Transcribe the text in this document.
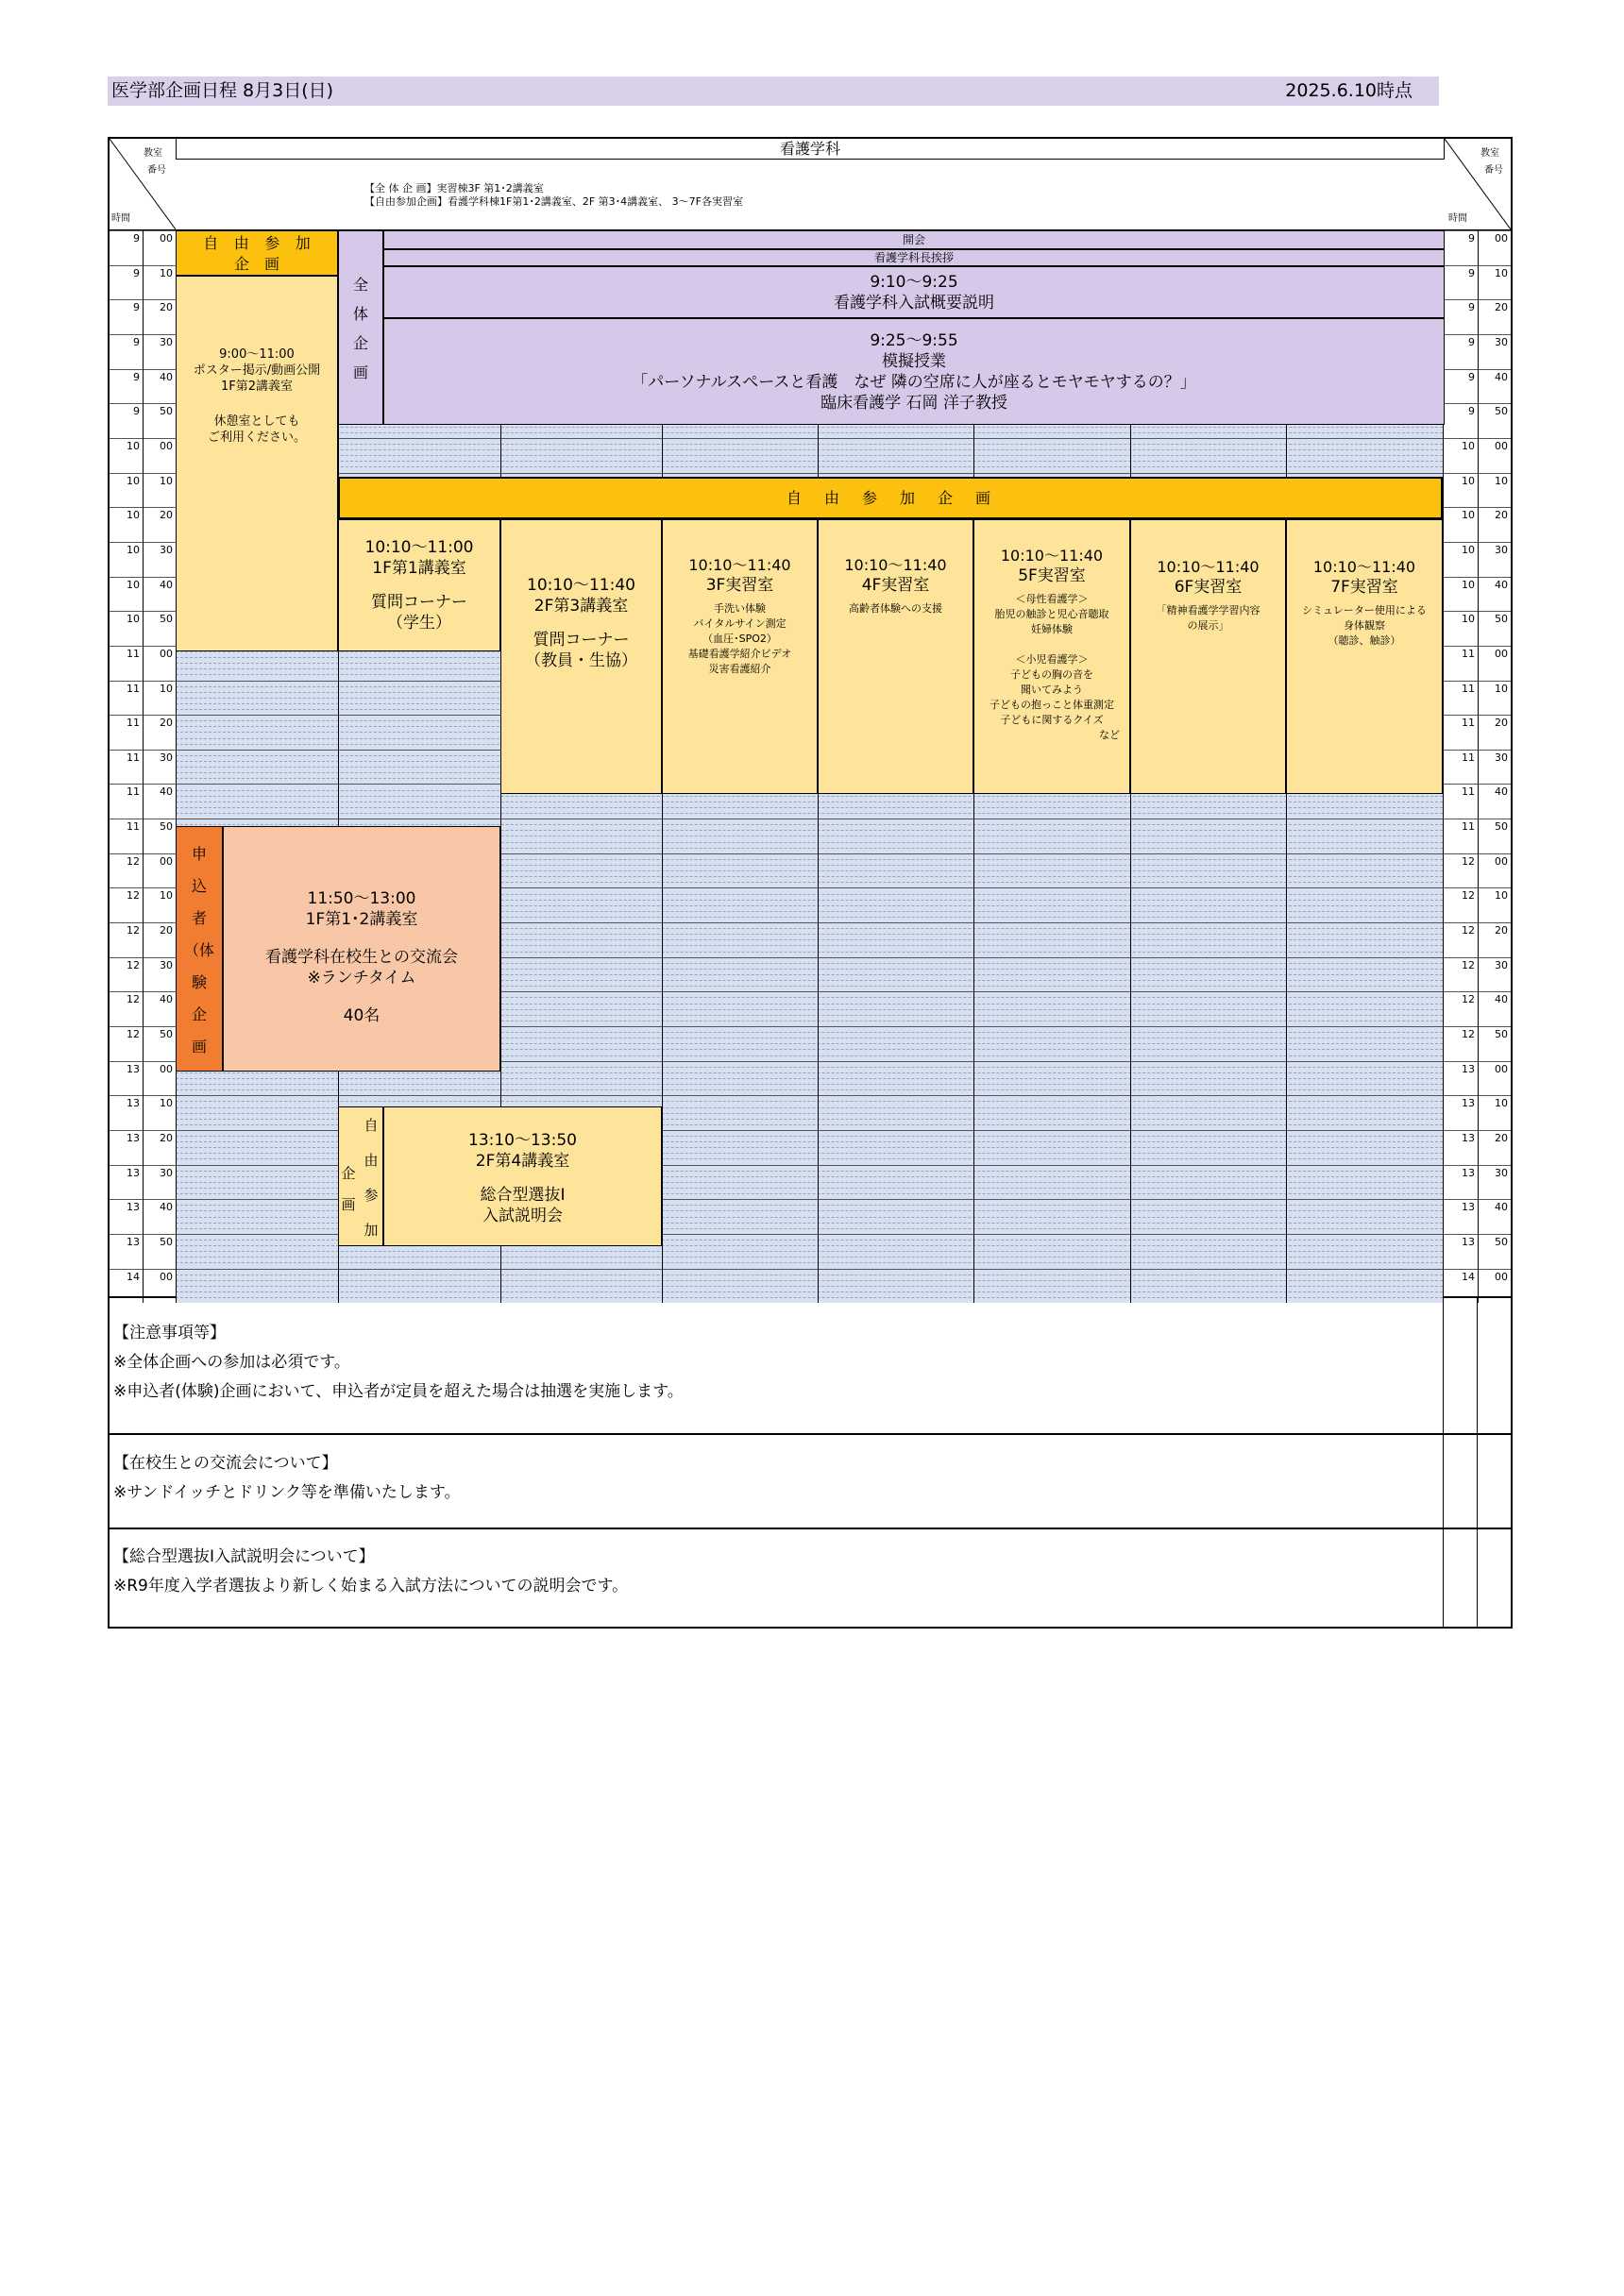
医学部企画日程 8月3日(日)	2025.6.10時点
教室
番号
時間
教室
番号
時間
看護学科
【全 体 企 画】実習棟3F 第1･2講義室
【自由参加企画】看護学科棟1F第1･2講義室、2F 第3･4講義室、 3〜7F各実習室
9	00	9	00
9	10	9	10
9	20	9	20
9	30	9	30
9	40	9	40
9	50	9	50
10	00	10	00
10	10	10	10
10	20	10	20
10	30	10	30
10	40	10	40
10	50	10	50
11	00	11	00
11	10	11	10
11	20	11	20
11	30	11	30
11	40	11	40
11	50	11	50
12	00	12	00
12	10	12	10
12	20	12	20
12	30	12	30
12	40	12	40
12	50	12	50
13	00	13	00
13	10	13	10
13	20	13	20
13	30	13	30
13	40	13	40
13	50	13	50
14	00	14	00
自 由 参 加
企　画
9:00〜11:00
ポスター掲示/動画公開
1F第2講義室
休憩室としても
ご利用ください。
全
体
企
画
開会
看護学科長挨拶
9:10〜9:25
看護学科入試概要説明
9:25〜9:55
模擬授業
「パーソナルスペースと看護　なぜ 隣の空席に人が座るとモヤモヤするの？」
臨床看護学 石岡 洋子教授
自　由　参　加　企　画
10:10〜11:00
1F第1講義室
質問コーナー
（学生）
10:10〜11:40
2F第3講義室
質問コーナー
（教員・生協）
10:10〜11:40
3F実習室
手洗い体験
バイタルサイン測定
（血圧･SPO2）
基礎看護学紹介ビデオ
災害看護紹介
10:10〜11:40
4F実習室
高齢者体験への支援
10:10〜11:40
5F実習室
＜母性看護学＞
胎児の触診と児心音聴取
妊婦体験
＜小児看護学＞
子どもの胸の音を
聞いてみよう
子どもの抱っこと体重測定
子どもに関するクイズ
など
10:10〜11:40
6F実習室
「精神看護学学習内容
の展示」
10:10〜11:40
7F実習室
シミュレーター使用による
身体観察
（聴診、触診）
申
込
者
（体
験
企
画
11:50〜13:00
1F第1･2講義室
看護学科在校生との交流会
※ランチタイム
40名
自
由
参
加
企
画
13:10〜13:50
2F第4講義室
総合型選抜Ⅰ
入試説明会
【注意事項等】
※全体企画への参加は必須です。
※申込者(体験)企画において、申込者が定員を超えた場合は抽選を実施します。
【在校生との交流会について】
※サンドイッチとドリンク等を準備いたします。
【総合型選抜Ⅰ入試説明会について】
※R9年度入学者選抜より新しく始まる入試方法についての説明会です。
